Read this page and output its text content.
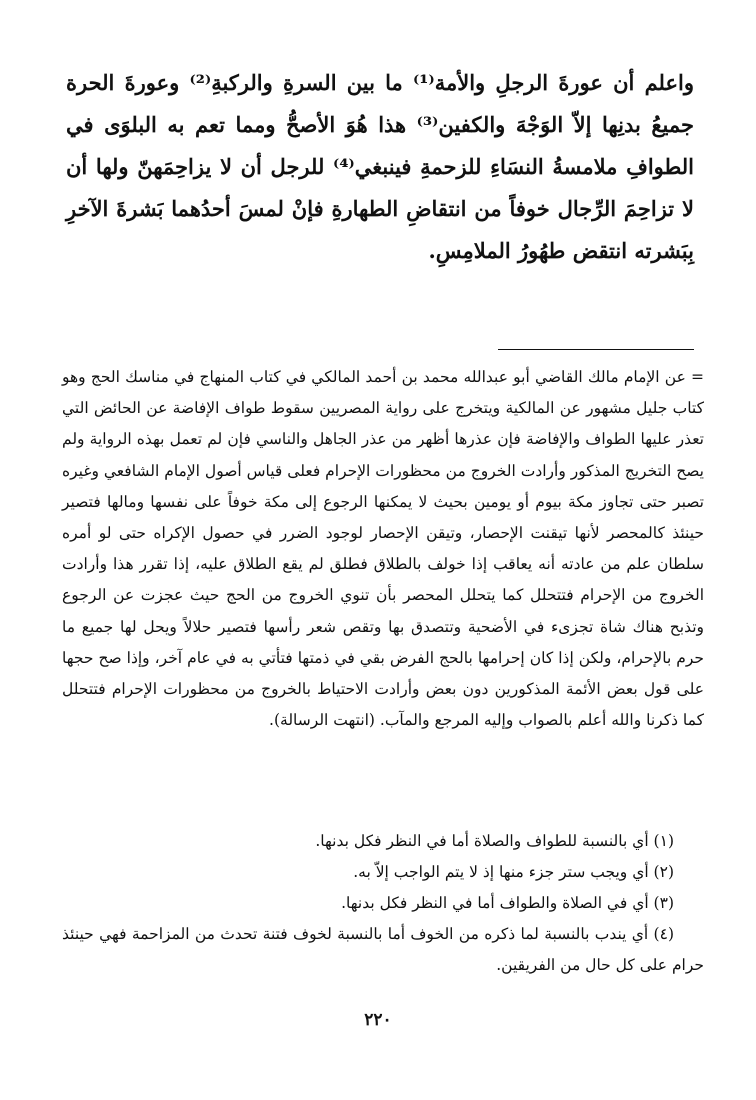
واعلم أن عورةَ الرجلِ والأمة⁽¹⁾ ما بين السرةِ والركبةِ⁽²⁾ وعورةَ الحرة جميعُ بدنِها إلاّ الوَجْهَ والكفين⁽³⁾ هذا هُوَ الأصحُّ ومما تعم به البلوَى في الطوافِ ملامسةُ النسَاءِ للزحمةِ فينبغي⁽⁴⁾ للرجل أن لا يزاحِمَهنّ ولها أن لا تزاحِمَ الرِّجال خوفاً من انتقاضِ الطهارةِ فإنْ لمسَ أحدُهما بَشرةَ الآخرِ بِبَشرته انتقض طهُورُ الملامِسِ.

= عن الإمام مالك القاضي أبو عبدالله محمد بن أحمد المالكي في كتاب المنهاج في مناسك الحج وهو كتاب جليل مشهور عن المالكية ويتخرج على رواية المصريين سقوط طواف الإفاضة عن الحائض التي تعذر عليها الطواف والإفاضة فإن عذرها أظهر من عذر الجاهل والناسي فإن لم تعمل بهذه الرواية ولم يصح التخريج المذكور وأرادت الخروج من محظورات الإحرام فعلى قياس أصول الإمام الشافعي وغيره تصبر حتى تجاوز مكة بيوم أو يومين بحيث لا يمكنها الرجوع إلى مكة خوفاً على نفسها ومالها فتصير حينئذ كالمحصر لأنها تيقنت الإحصار، وتيقن الإحصار لوجود الضرر في حصول الإكراه حتى لو أمره سلطان علم من عادته أنه يعاقب إذا خولف بالطلاق فطلق لم يقع الطلاق عليه، إذا تقرر هذا وأرادت الخروج من الإحرام فتتحلل كما يتحلل المحصر بأن تنوي الخروج من الحج حيث عجزت عن الرجوع وتذبح هناك شاة تجزىء في الأضحية وتتصدق بها وتقص شعر رأسها فتصير حلالاً ويحل لها جميع ما حرم بالإحرام، ولكن إذا كان إحرامها بالحج الفرض بقي في ذمتها فتأتي به في عام آخر، وإذا صح حجها على قول بعض الأئمة المذكورين دون بعض وأرادت الاحتياط بالخروج من محظورات الإحرام فتتحلل كما ذكرنا والله أعلم بالصواب وإليه المرجع والمآب. (انتهت الرسالة).

(١) أي بالنسبة للطواف والصلاة أما في النظر فكل بدنها.

(٢) أي ويجب ستر جزء منها إذ لا يتم الواجب إلاّ به.

(٣) أي في الصلاة والطواف أما في النظر فكل بدنها.

(٤) أي يندب بالنسبة لما ذكره من الخوف أما بالنسبة لخوف فتنة تحدث من المزاحمة فهي حينئذ حرام على كل حال من الفريقين.

٢٢٠
